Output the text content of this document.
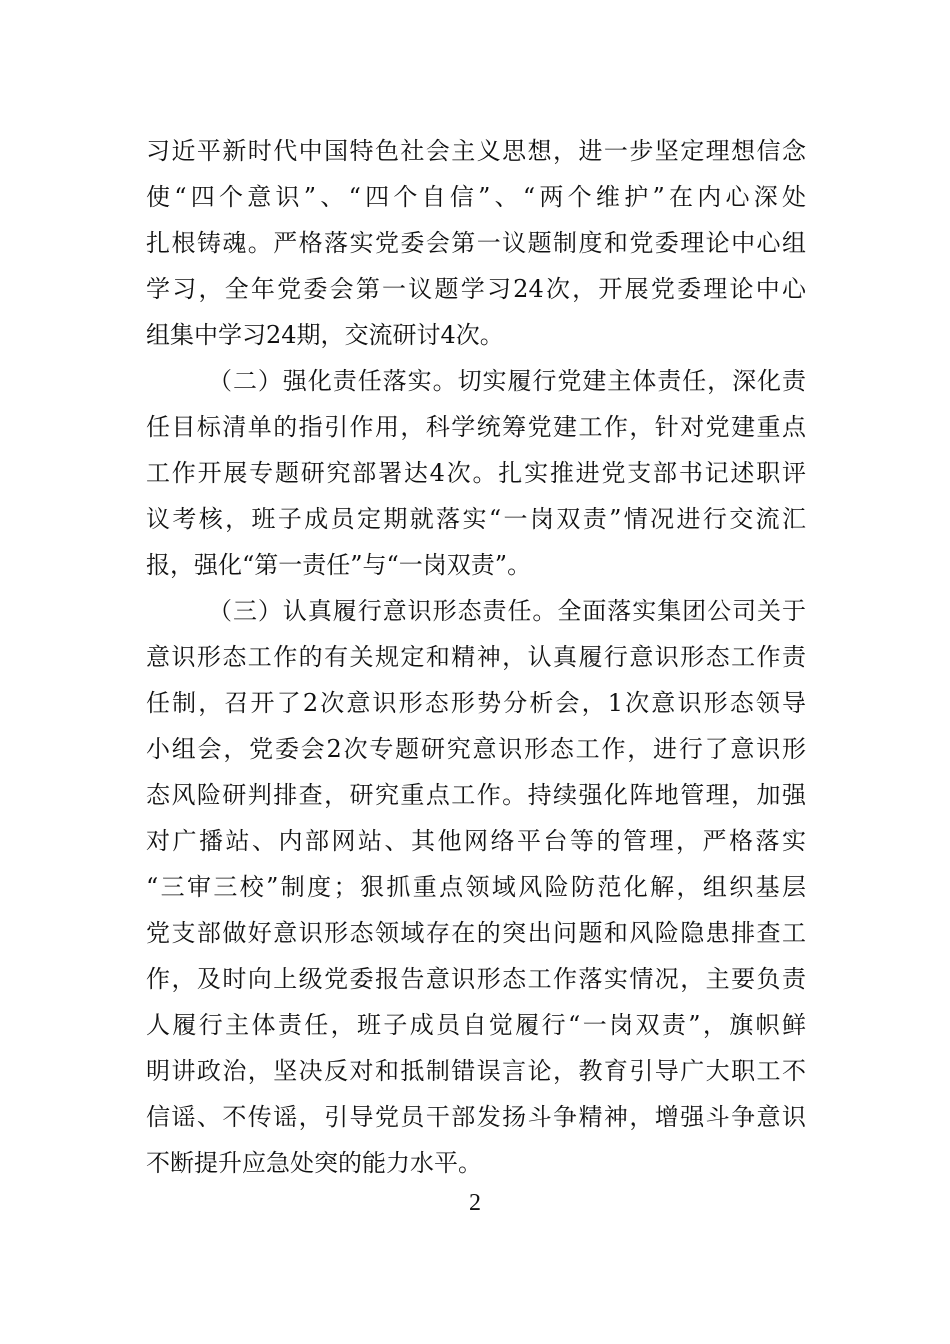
习近平新时代中国特色社会主义思想，进一步坚定理想信念
使“四个意识”、“四个自信”、“两个维护”在内心深处
扎根铸魂。严格落实党委会第一议题制度和党委理论中心组
学习，全年党委会第一议题学习24次，开展党委理论中心
组集中学习24期，交流研讨4次。
（二）强化责任落实。切实履行党建主体责任，深化责
任目标清单的指引作用，科学统筹党建工作，针对党建重点
工作开展专题研究部署达4次。扎实推进党支部书记述职评
议考核，班子成员定期就落实“一岗双责”情况进行交流汇
报，强化“第一责任”与“一岗双责”。
（三）认真履行意识形态责任。全面落实集团公司关于
意识形态工作的有关规定和精神，认真履行意识形态工作责
任制，召开了2次意识形态形势分析会，1次意识形态领导
小组会，党委会2次专题研究意识形态工作，进行了意识形
态风险研判排查，研究重点工作。持续强化阵地管理，加强
对广播站、内部网站、其他网络平台等的管理，严格落实
“三审三校”制度；狠抓重点领域风险防范化解，组织基层
党支部做好意识形态领域存在的突出问题和风险隐患排查工
作，及时向上级党委报告意识形态工作落实情况，主要负责
人履行主体责任，班子成员自觉履行“一岗双责”，旗帜鲜
明讲政治，坚决反对和抵制错误言论，教育引导广大职工不
信谣、不传谣，引导党员干部发扬斗争精神，增强斗争意识
不断提升应急处突的能力水平。
2
